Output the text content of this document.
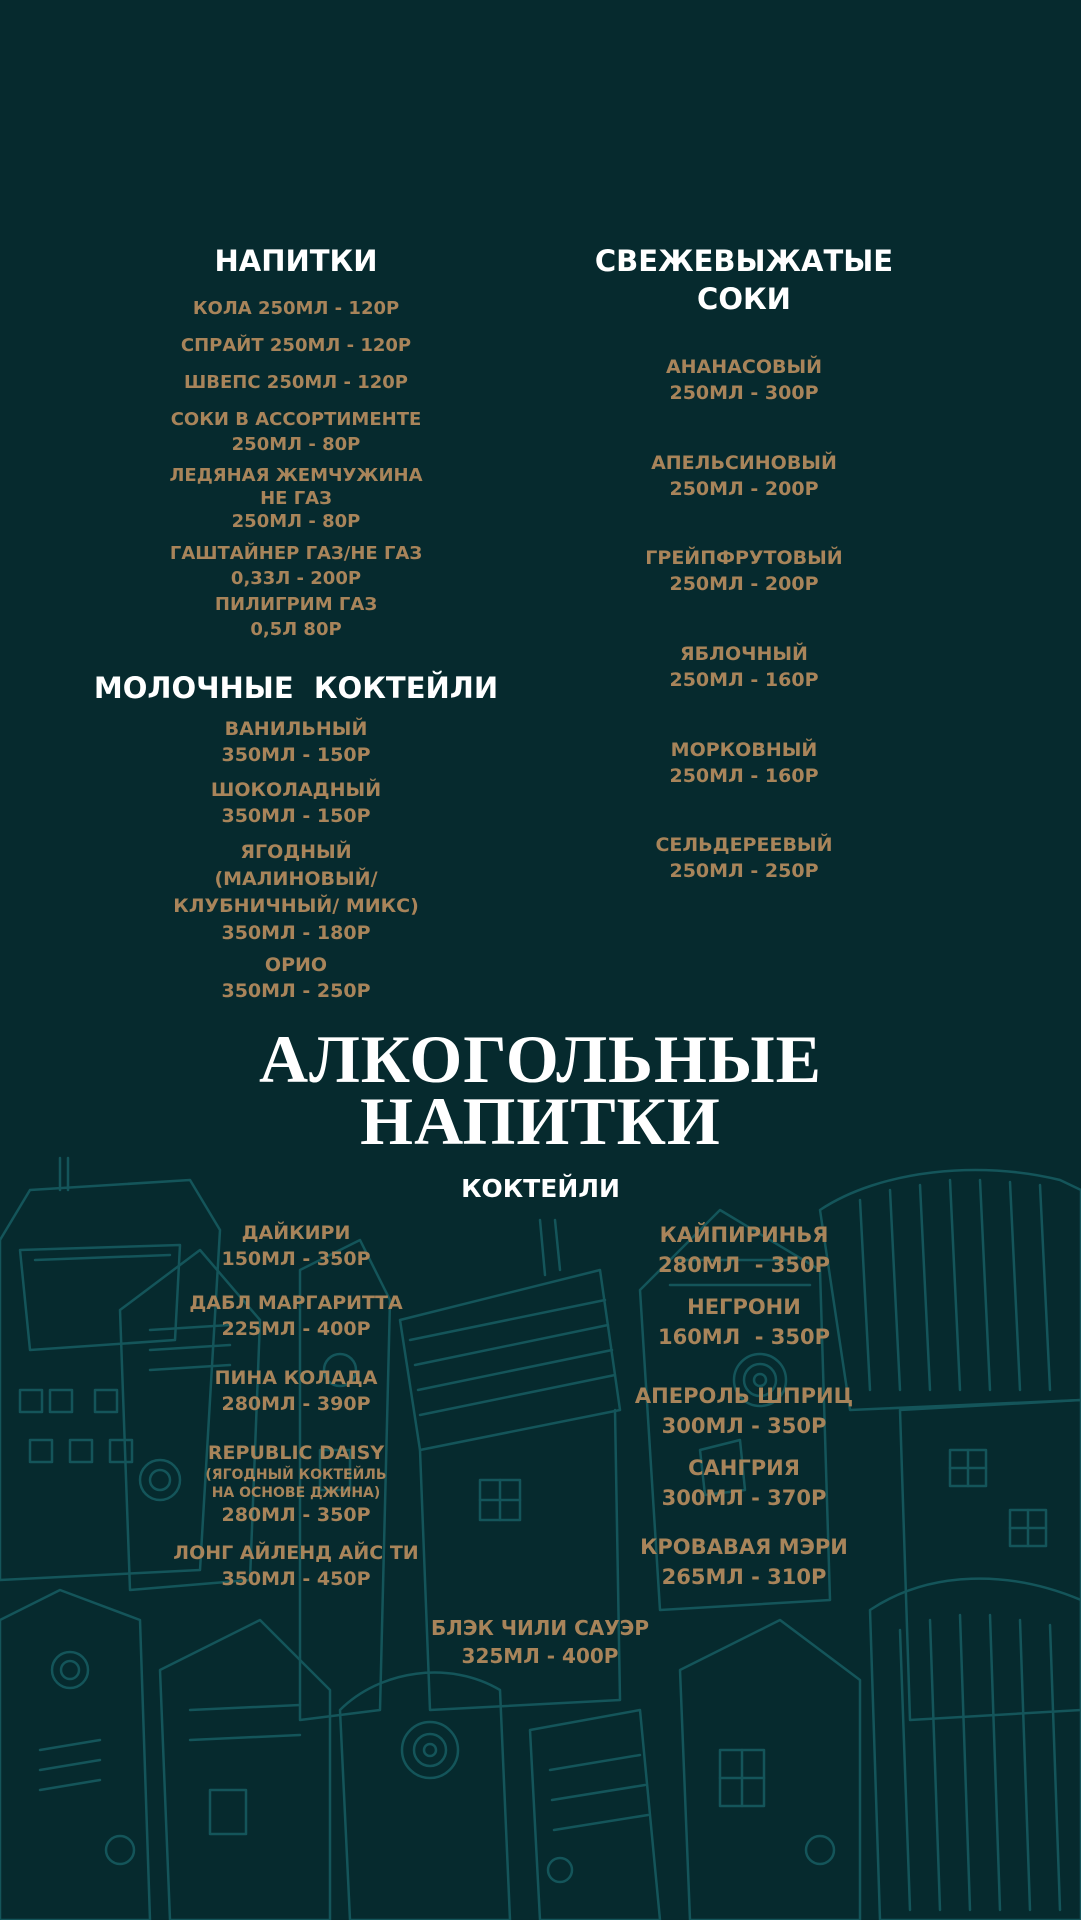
НАПИТКИ
КОЛА 250МЛ - 120Р
СПРАЙТ 250МЛ - 120Р
ШВЕПС 250МЛ - 120Р
СОКИ В АССОРТИМЕНТЕ
250МЛ - 80Р
ЛЕДЯНАЯ ЖЕМЧУЖИНА
НЕ ГАЗ
250МЛ - 80Р
ГАШТАЙНЕР ГАЗ/НЕ ГАЗ
0,33Л - 200Р
ПИЛИГРИМ ГАЗ
0,5Л 80Р
СВЕЖЕВЫЖАТЫЕ
СОКИ
АНАНАСОВЫЙ
250МЛ - 300Р
АПЕЛЬСИНОВЫЙ
250МЛ - 200Р
ГРЕЙПФРУТОВЫЙ
250МЛ - 200Р
ЯБЛОЧНЫЙ
250МЛ - 160Р
МОРКОВНЫЙ
250МЛ - 160Р
СЕЛЬДЕРЕЕВЫЙ
250МЛ - 250Р
МОЛОЧНЫЕ  КОКТЕЙЛИ
ВАНИЛЬНЫЙ
350МЛ - 150Р
ШОКОЛАДНЫЙ
350МЛ - 150Р
ЯГОДНЫЙ
(МАЛИНОВЫЙ/
КЛУБНИЧНЫЙ/ МИКС)
350МЛ - 180Р
ОРИО
350МЛ - 250Р
АЛКОГОЛЬНЫЕ
НАПИТКИ
КОКТЕЙЛИ
ДАЙКИРИ
150МЛ - 350Р
ДАБЛ МАРГАРИТТА
225МЛ - 400Р
ПИНА КОЛАДА
280МЛ - 390Р
REPUBLIC DAISY
(ЯГОДНЫЙ КОКТЕЙЛЬ
НА ОСНОВЕ ДЖИНА)
280МЛ - 350Р
ЛОНГ АЙЛЕНД АЙС ТИ
350МЛ - 450Р
КАЙПИРИНЬЯ
280МЛ  - 350Р
НЕГРОНИ
160МЛ  - 350Р
АПЕРОЛЬ ШПРИЦ
300МЛ - 350Р
САНГРИЯ
300МЛ - 370Р
КРОВАВАЯ МЭРИ
265МЛ - 310Р
БЛЭК ЧИЛИ САУЭР
325МЛ - 400Р
